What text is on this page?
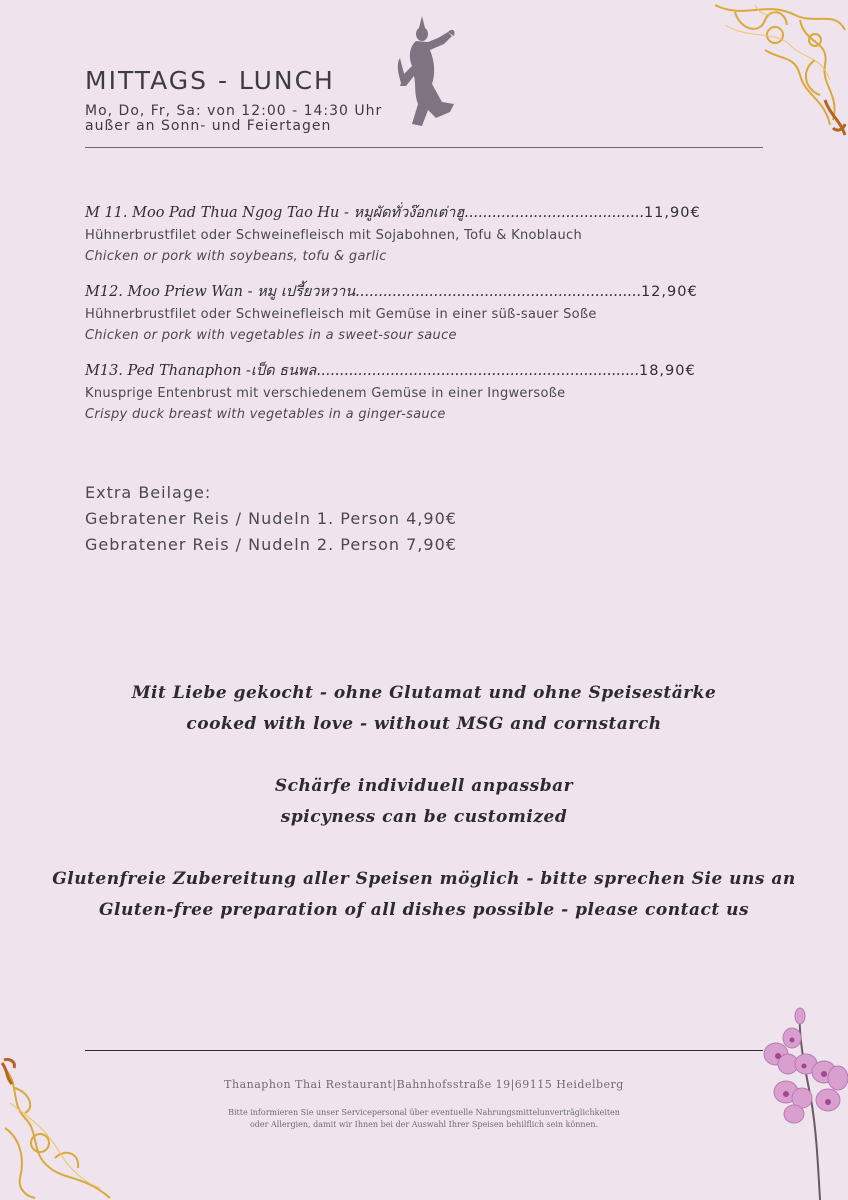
MITTAGS - LUNCH
Mo, Do, Fr, Sa: von 12:00 - 14:30 Uhr
außer an Sonn- und Feiertagen
M 11. Moo Pad Thua Ngog Tao Hu - หมูผัดทั่วง๊อกเต่าฮู.......................................11,90€
Hühnerbrustfilet oder Schweinefleisch mit Sojabohnen, Tofu & Knoblauch
Chicken or pork with soybeans, tofu & garlic
M12. Moo Priew Wan - หมู เปรี้ยวหวาน..............................................................12,90€
Hühnerbrustfilet oder Schweinefleisch mit Gemüse in einer süß-sauer Soße
Chicken or pork with vegetables in a sweet-sour sauce
M13. Ped Thanaphon -เป็ด ธนพล......................................................................18,90€
Knusprige Entenbrust mit verschiedenem Gemüse in einer Ingwersoße
Crispy duck breast with vegetables in a ginger-sauce
Extra Beilage:
Gebratener Reis / Nudeln 1. Person 4,90€
Gebratener Reis / Nudeln 2. Person 7,90€
Mit Liebe gekocht - ohne Glutamat und ohne Speisestärke
cooked with love - without MSG and cornstarch
Schärfe individuell anpassbar
spicyness can be customized
Glutenfreie Zubereitung aller Speisen möglich - bitte sprechen Sie uns an
Gluten-free preparation of all dishes possible - please contact us
Thanaphon Thai Restaurant|Bahnhofsstraße 19|69115 Heidelberg
Bitte informieren Sie unser Servicepersonal über eventuelle Nahrungsmittelunverträglichkeiten
oder Allergien, damit wir Ihnen bei der Auswahl Ihrer Speisen behilflich sein können.
